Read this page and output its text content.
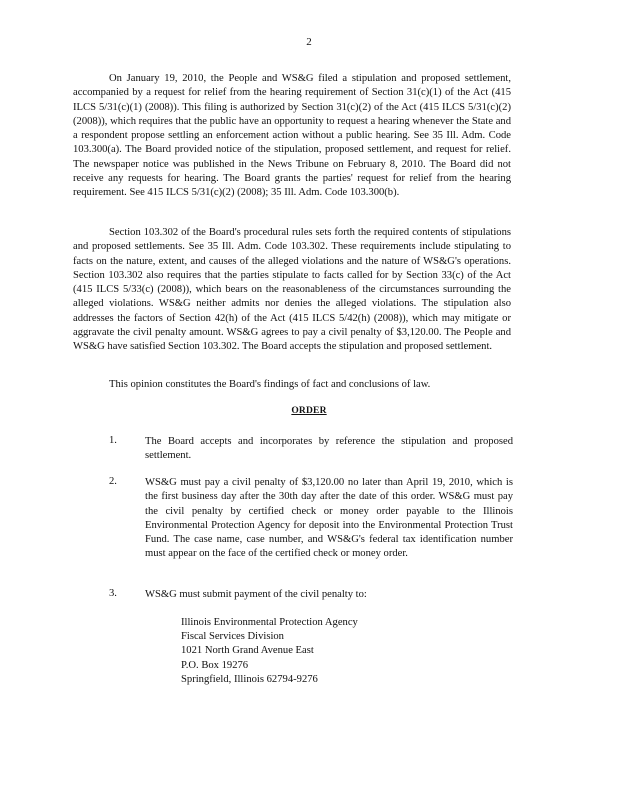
2

On January 19, 2010, the People and WS&G filed a stipulation and proposed settlement, accompanied by a request for relief from the hearing requirement of Section 31(c)(1) of the Act (415 ILCS 5/31(c)(1) (2008)). This filing is authorized by Section 31(c)(2) of the Act (415 ILCS 5/31(c)(2) (2008)), which requires that the public have an opportunity to request a hearing whenever the State and a respondent propose settling an enforcement action without a public hearing. See 35 Ill. Adm. Code 103.300(a). The Board provided notice of the stipulation, proposed settlement, and request for relief. The newspaper notice was published in the News Tribune on February 8, 2010. The Board did not receive any requests for hearing. The Board grants the parties' request for relief from the hearing requirement. See 415 ILCS 5/31(c)(2) (2008); 35 Ill. Adm. Code 103.300(b).

Section 103.302 of the Board's procedural rules sets forth the required contents of stipulations and proposed settlements. See 35 Ill. Adm. Code 103.302. These requirements include stipulating to facts on the nature, extent, and causes of the alleged violations and the nature of WS&G's operations. Section 103.302 also requires that the parties stipulate to facts called for by Section 33(c) of the Act (415 ILCS 5/33(c) (2008)), which bears on the reasonableness of the circumstances surrounding the alleged violations. WS&G neither admits nor denies the alleged violations. The stipulation also addresses the factors of Section 42(h) of the Act (415 ILCS 5/42(h) (2008)), which may mitigate or aggravate the civil penalty amount. WS&G agrees to pay a civil penalty of $3,120.00. The People and WS&G have satisfied Section 103.302. The Board accepts the stipulation and proposed settlement.

This opinion constitutes the Board's findings of fact and conclusions of law.

ORDER
1.	The Board accepts and incorporates by reference the stipulation and proposed settlement.

2.	WS&G must pay a civil penalty of $3,120.00 no later than April 19, 2010, which is the first business day after the 30th day after the date of this order. WS&G must pay the civil penalty by certified check or money order payable to the Illinois Environmental Protection Agency for deposit into the Environmental Protection Trust Fund. The case name, case number, and WS&G's federal tax identification number must appear on the face of the certified check or money order.

3.	WS&G must submit payment of the civil penalty to:

Illinois Environmental Protection Agency
Fiscal Services Division
1021 North Grand Avenue East
P.O. Box 19276
Springfield, Illinois 62794-9276
